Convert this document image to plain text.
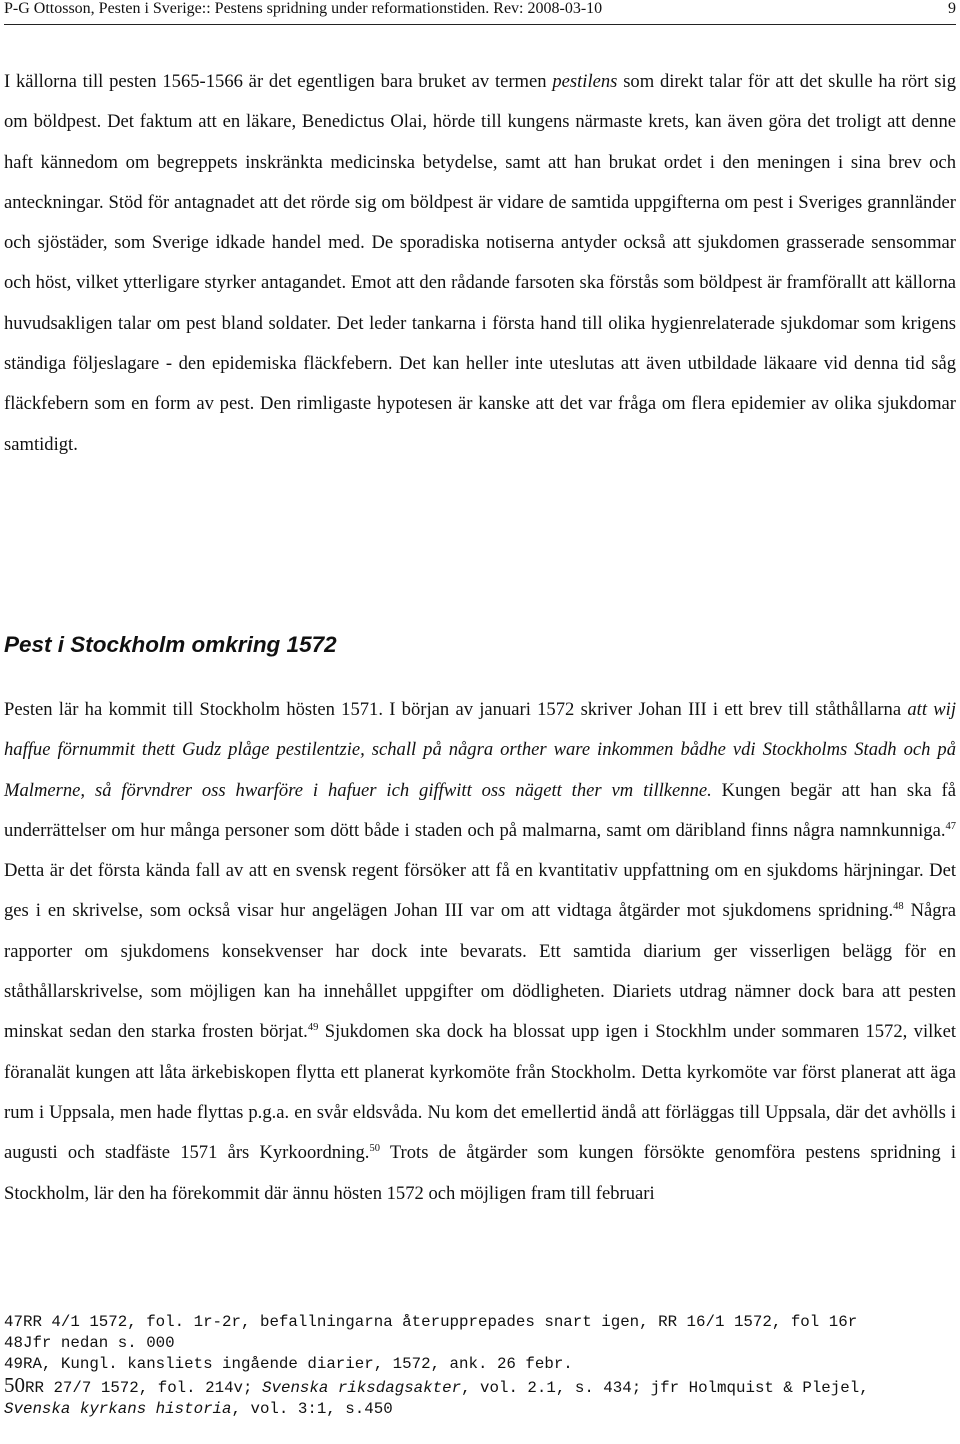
P-G Ottosson, Pesten i Sverige:: Pestens spridning under reformationstiden. Rev: 2008-03-10	9
I källorna till pesten 1565-1566 är det egentligen bara bruket av termen pestilens som direkt talar för att det skulle ha rört sig om böldpest. Det faktum att en läkare, Benedictus Olai, hörde till kungens närmaste krets, kan även göra det troligt att denne haft kännedom om begreppets inskränkta medicinska betydelse, samt att han brukat ordet i den meningen i sina brev och anteckningar. Stöd för antagnadet att det rörde sig om böldpest är vidare de samtida uppgifterna om pest i Sveriges grannländer och sjöstäder, som Sverige idkade handel med. De sporadiska notiserna antyder också att sjukdomen grasserade sensommar och höst, vilket ytterligare styrker antagandet. Emot att den rådande farsoten ska förstås som böldpest är framförallt att källorna huvudsakligen talar om pest bland soldater. Det leder tankarna i första hand till olika hygienrelaterade sjukdomar som krigens ständiga följeslagare - den epidemiska fläckfebern. Det kan heller inte uteslutas att även utbildade läkaare vid denna tid såg fläckfebern som en form av pest. Den rimligaste hypotesen är kanske att det var fråga om flera epidemier av olika sjukdomar samtidigt.
Pest i Stockholm omkring 1572
Pesten lär ha kommit till Stockholm hösten 1571. I början av januari 1572 skriver Johan III i ett brev till ståthållarna att wij haffue förnummit thett Gudz plåge pestilentzie, schall på några orther ware inkommen bådhe vdi Stockholms Stadh och på Malmerne, så förvndrer oss hwarföre i hafuer ich giffwitt oss nägett ther vm tillkenne. Kungen begär att han ska få underrättelser om hur många personer som dött både i staden och på malmarna, samt om däribland finns några namnkunniga.$^{47}$ Detta är det första kända fall av att en svensk regent försöker att få en kvantitativ uppfattning om en sjukdoms härjningar. Det ges i en skrivelse, som också visar hur angelägen Johan III var om att vidtaga åtgärder mot sjukdomens spridning.$^{48}$ Några rapporter om sjukdomens konsekvenser har dock inte bevarats. Ett samtida diarium ger visserligen belägg för en ståthållarskrivelse, som möjligen kan ha innehållet uppgifter om dödligheten. Diariets utdrag nämner dock bara att pesten minskat sedan den starka frosten börjat.$^{49}$ Sjukdomen ska dock ha blossat upp igen i Stockhlm under sommaren 1572, vilket föranalät kungen att låta ärkebiskopen flytta ett planerat kyrkomöte från Stockholm. Detta kyrkomöte var först planerat att äga rum i Uppsala, men hade flyttas p.g.a. en svår eldsvåda. Nu kom det emellertid ändå att förläggas till Uppsala, där det avhölls i augusti och stadfäste 1571 års Kyrkoordning.$^{50}$ Trots de åtgärder som kungen försökte genomföra pestens spridning i Stockholm, lär den ha förekommit där ännu hösten 1572 och möjligen fram till februari
47RR 4/1 1572, fol. 1r-2r, befallningarna återupprepades snart igen, RR 16/1 1572, fol 16r
48Jfr nedan s. 000
49RA, Kungl. kansliets ingående diarier, 1572, ank. 26 febr.
50RR 27/7 1572, fol. 214v; Svenska riksdagsakter, vol. 2.1, s. 434; jfr Holmquist & Plejel, Svenska kyrkans historia, vol. 3:1, s.450
